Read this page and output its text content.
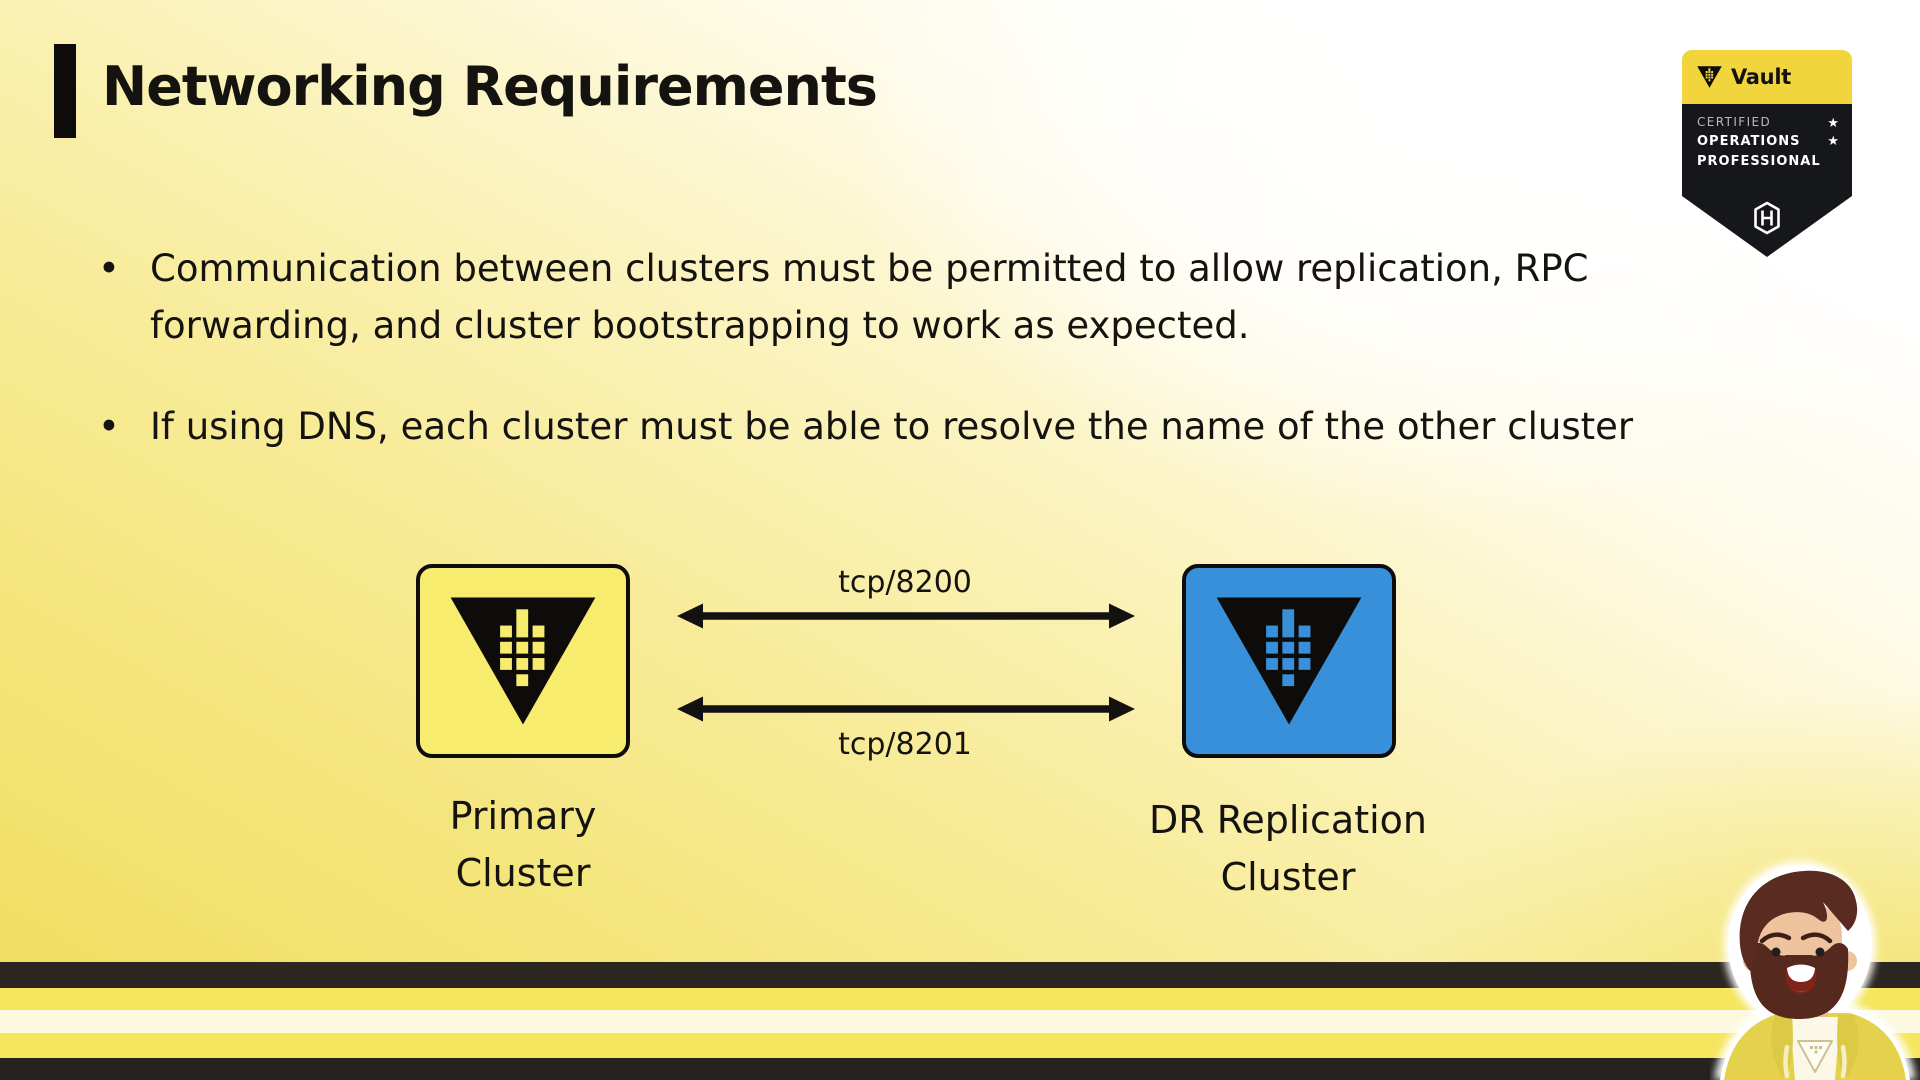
Networking Requirements	Vault
CERTIFIED
OPERATIONS
PROFESSIONAL
★
★
• Communication between clusters must be permitted to allow replication, RPC
forwarding, and cluster bootstrapping to work as expected.
• If using DNS, each cluster must be able to resolve the name of the other cluster
Primary
Cluster
DR Replication
Cluster
tcp/8200
tcp/8201
